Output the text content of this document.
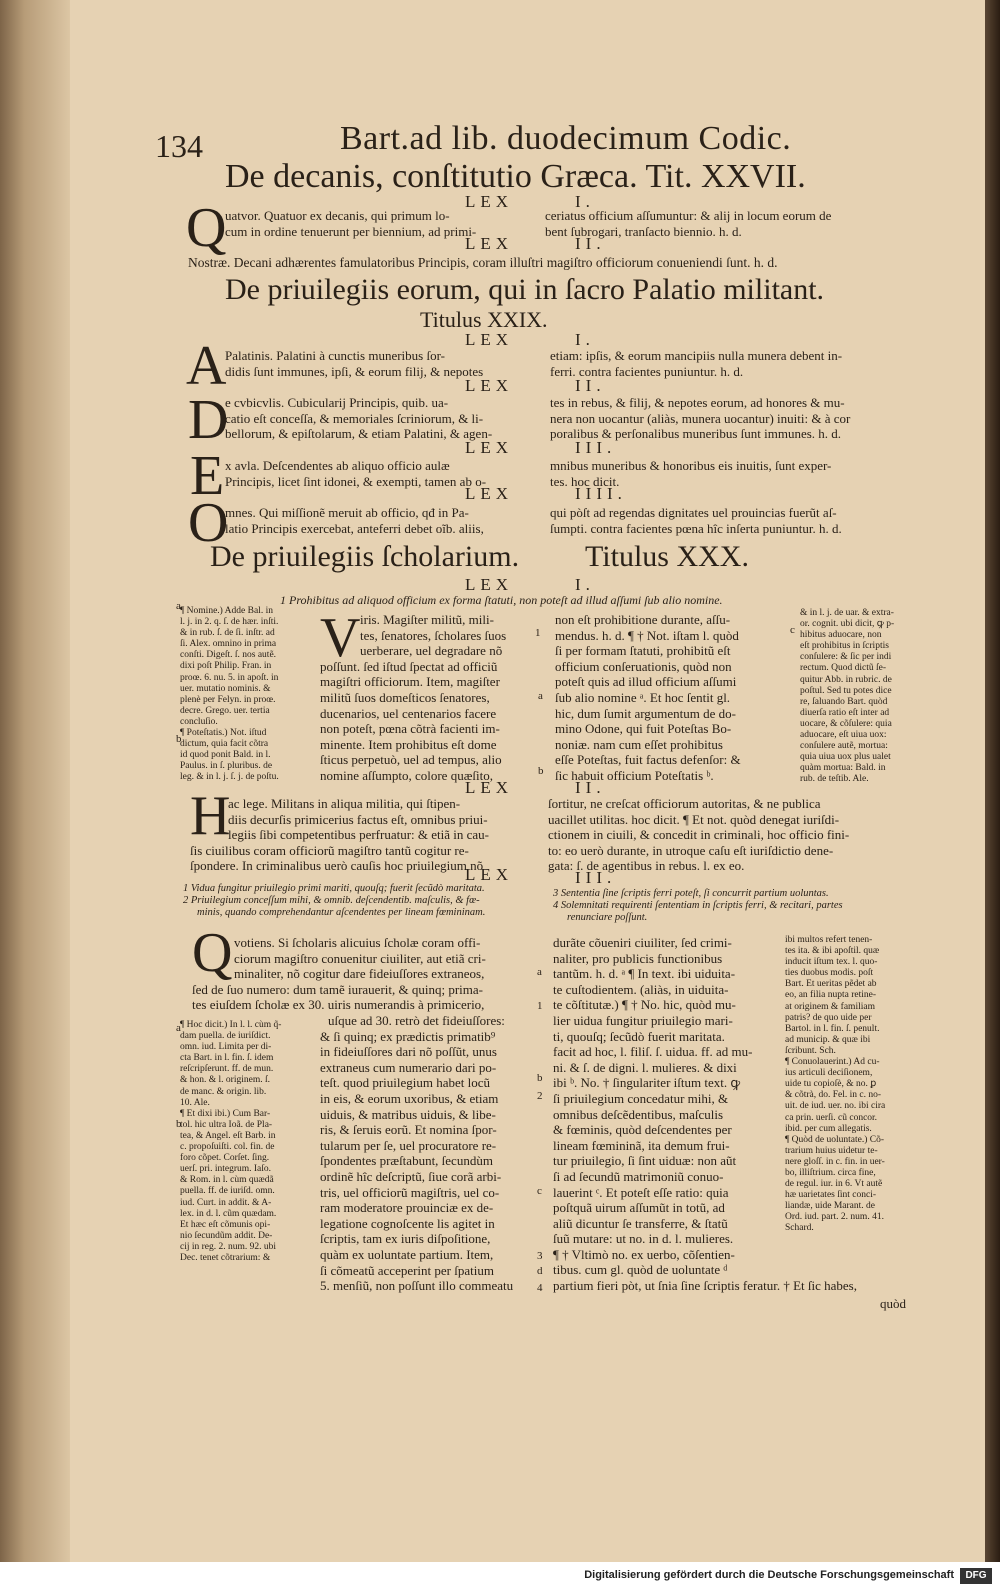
134	Bart.ad lib. duodecimum Codic.
De decanis, conſtitutio Græca. Tit. XXVII.
LEX	I.
Q
uatvor. Quatuor ex decanis, qui primum lo-
cum in ordine tenuerunt per biennium, ad primi-
ceriatus officium aſſumuntur: & alij in locum eorum de
bent ſubrogari, tranſacto biennio. h. d.
LEX	II.
Nostræ. Decani adhærentes famulatoribus Principis, coram illuſtri magiſtro officiorum conueniendi ſunt. h. d.
De priuilegiis eorum, qui in ſacro Palatio militant.
Titulus XXIX.
LEX	I.
A
Palatinis. Palatini à cunctis muneribus ſor-
didis ſunt immunes, ipſi, & eorum filij, & nepotes
etiam: ipſis, & eorum mancipiis nulla munera debent in-
ferri. contra facientes puniuntur. h. d.
LEX	II.
D
e cvbicvlis. Cubicularij Principis, quib. ua-
catio eſt conceſſa, & memoriales ſcriniorum, & li-
bellorum, & epiſtolarum, & etiam Palatini, & agen-
tes in rebus, & filij, & nepotes eorum, ad honores & mu-
nera non uocantur (aliàs, munera uocantur) inuiti: & à cor
poralibus & perſonalibus muneribus ſunt immunes. h. d.
LEX	III.
E x avla. Deſcendentes ab aliquo officio aulæ
Principis, licet ſint idonei, & exempti, tamen ab o-
mnibus muneribus & honoribus eis inuitis, ſunt exper-
tes. hoc dicit.
LEX	IIII.
O
mnes. Qui miſſionẽ meruit ab officio, qđ in Pa-
latio Principis exercebat, anteferri debet oĩb. aliis,
qui pòſt ad regendas dignitates uel prouincias fuerũt aſ-
ſumpti. contra facientes pœna hîc inſerta puniuntur. h. d.
De priuilegiis ſcholarium. Titulus XXX.
LEX	I.
1 Prohibitus ad aliquod officium ex forma ſtatuti, non poteſt ad illud aſſumi ſub alio nomine.
¶ Nomine.) Adde Bal. in
l. j. in 2. q. ſ. de hær. inſti.
& in rub. ſ. de ſi. inſtr. ad
ſi. Alex. omnino in prima
conſti. Digeſt. ſ. nos autẽ.
dixi poſt Philip. Fran. in
proœ. 6. nu. 5. in apoſt. in
uer. mutatio nominis. &
plenè per Felyn. in proœ.
decre. Grego. uer. tertia
concluſio.
¶ Poteſtatis.) Not. iſtud
dictum, quia facit cõtra
id quod ponit Bald. in l.
Paulus. in ſ. pluribus. de
leg. & in l. j. ſ. j. de poſtu.
V iris. Magiſter militũ, mili-
tes, ſenatores, ſcholares ſuos
uerberare, uel degradare nõ
poſſunt. ſed iſtud ſpectat ad officiũ
magiſtri officiorum. Item, magiſter
militũ ſuos domeſticos ſenatores,
ducenarios, uel centenarios facere
non poteſt, pœna cõtrà facienti im-
minente. Item prohibitus eſt dome
ſticus perpetuò, uel ad tempus, alio
nomine aſſumpto, colore quæſito,
non eſt prohibitione durante, aſſu-
mendus. h. d. ¶ † Not. iſtam l. quòd
ſi per formam ſtatuti, prohibitũ eſt
officium conſeruationis, quòd non
poteſt quis ad illud officium aſſumi
ſub alio nomine ᵃ. Et hoc ſentit gl.
hic, dum ſumit argumentum de do-
mino Odone, qui fuit Poteſtas Bo-
noniæ. nam cum eſſet prohibitus
eſſe Poteſtas, fuit factus defenſor: &
ſic habuit officium Poteſtatis ᵇ.
& in l. j. de uar. & extra-
or. cognit. ubi dicit, ꝙ p-
hibitus aduocare, non
eſt prohibitus in ſcriptis
conſulere: & ſic per indi
rectum. Quod dictũ ſe-
quitur Abb. in rubric. de
poſtul. Sed tu potes dice
re, ſaluando Bart. quòd
diuerſa ratio eſt inter ad
uocare, & cõſulere: quia
aduocare, eſt uiua uox:
conſulere autẽ, mortua:
quia uiua uox plus ualet
quàm mortua: Bald. in
rub. de teſtib. Ale.
LEX	II.
H
ac lege. Militans in aliqua militia, qui ſtipen-
diis decurſis primicerius factus eſt, omnibus priui-
legiis ſibi competentibus perfruatur: & etiã in cau-
ſis ciuilibus coram officiorũ magiſtro tantũ cogitur re-
ſpondere. In criminalibus uerò cauſis hoc priuilegium nõ
ſortitur, ne creſcat officiorum autoritas, & ne publica
uacillet utilitas. hoc dicit. ¶ Et not. quòd denegat iuriſdi-
ctionem in ciuili, & concedit in criminali, hoc officio fini-
to: eo uerò durante, in utroque caſu eſt iuriſdictio dene-
gata: ſ. de agentibus in rebus. l. ex eo.
LEX	III.
1 Vidua fungitur priuilegio primi mariti, quouſq; fuerit ſecũdò maritata.
2 Priuilegium conceſſum mihi, & omnib. deſcendentib. maſculis, & fœ-
minis, quando comprehendantur aſcendentes per lineam fœmininam.
3 Sententia ſine ſcriptis ferri poteſt, ſi concurrit partium uoluntas.
4 Solemnitati requirenti ſententiam in ſcriptis ferri, & recitari, partes
renunciare poſſunt.
Q votiens. Si ſcholaris alicuius ſcholæ coram offi-
ciorum magiſtro conuenitur ciuiliter, aut etiã cri-
minaliter, nõ cogitur dare fideiuſſores extraneos,
ſed de ſuo numero: dum tamẽ iurauerit, & quinq; prima-
tes eiuſdem ſcholæ ex 30. uiris numerandis à primicerio,
¶ Hoc dicit.) In l. l. cùm q̃-
dam puella. de iuriſdict.
omn. iud. Limita per di-
cta Bart. in l. fin. ſ. idem
reſcripſerunt. ff. de mun.
& hon. & l. originem. ſ.
de manc. & origin. lib.
10. Ale.
¶ Et dixi ibi.) Cum Bar-
tol. hic ultra Ioã. de Pla-
tea, & Angel. eſt Barb. in
c. propoſuiſti. col. fin. de
foro cõpet. Corſet. ſing.
uerſ. pri. integrum. Iaſo.
& Rom. in l. cùm quædã
puella. ff. de iuriſd. omn.
iud. Curt. in addit. & A-
lex. in d. l. cũm quædam.
Et hæc eſt cõmunis opi-
nio ſecundũm addit. De-
cij in reg. 2. num. 92. ubi
Dec. tenet cõtrarium: &
uſque ad 30. retrò det fideiuſſores:
& ſi quinq; ex prædictis primatib⁹
in fideiuſſores dari nõ poſſũt, unus
extraneus cum numerario dari po-
teſt. quod priuilegium habet locũ
in eis, & eorum uxoribus, & etiam
uiduis, & matribus uiduis, & libe-
ris, & ſeruis eorũ. Et nomina ſpor-
tularum per ſe, uel procuratore re-
ſpondentes præſtabunt, ſecundùm
ordinẽ hîc deſcriptũ, ſiue corã arbi-
tris, uel officiorũ magiſtris, uel co-
ram moderatore prouinciæ ex de-
legatione cognoſcente lis agitet in
ſcriptis, tam ex iuris diſpoſitione,
quàm ex uoluntate partium. Item,
ſi cõmeatũ acceperint per ſpatium
5. menſiũ, non poſſunt illo commeatu
durãte cõueniri ciuiliter, ſed crimi-
naliter, pro publicis functionibus
tantũm. h. d. ᵃ ¶ In text. ibi uiduita-
te cuſtodientem. (aliàs, in uiduita-
te cõſtitutæ.) ¶ † No. hic, quòd mu-
lier uidua fungitur priuilegio mari-
ti, quouſq; ſecũdò fuerit maritata.
facit ad hoc, l. filiſ. ſ. uidua. ff. ad mu-
ni. & ſ. de digni. l. mulieres. & dixi
ibi ᵇ. No. † ſingulariter iſtum text. ꝙ
ſi priuilegium concedatur mihi, &
omnibus deſcẽdentibus, maſculis
& fœminis, quòd deſcendentes per
lineam fœmininã, ita demum frui-
tur priuilegio, ſi ſint uiduæ: non aũt
ſi ad ſecundũ matrimoniũ conuo-
lauerint ᶜ. Et poteſt eſſe ratio: quia
poſtquã uirum aſſumũt in totũ, ad
aliũ dicuntur ſe transferre, & ſtatũ
ſuũ mutare: ut no. in d. l. mulieres.
¶ † Vltimò no. ex uerbo, cõſentien-
tibus. cum gl. quòd de uoluntate ᵈ
partium fieri pòt, ut ſnia ſine ſcriptis feratur. † Et ſic habes,
quòd
ibi multos refert tenen-
tes ita. & ibi apoſtil. quæ
inducit iſtum tex. l. quo-
ties duobus modis. poſt
Bart. Et ueritas pẽdet ab
eo, an filia nupta retine-
at originem & familiam
patris? de quo uide per
Bartol. in l. fin. ſ. penult.
ad municip. & quæ ibi
ſcribunt. Sch.
¶ Conuolauerint.) Ad cu-
ius articuli deciſionem,
uide tu copioſè, & no. ꝑ
& cõtrà, do. Fel. in c. no-
uit. de iud. uer. no. ibi cira
ca prin. uerſi. cũ concor.
ibid. per cum allegatis.
¶ Quòd de uoluntate.) Cõ-
trarium huius uidetur te-
nere gloſſ. in c. fin. in uer-
bo, illiſtrium. circa fine,
de regul. iur. in 6. Vt autẽ
hæ uarietates ſint conci-
liandæ, uide Marant. de
Ord. iud. part. 2. num. 41.
Schard.
a
b
1
a
b
c
a
b
a
1
b
2
c
3
d
4
Digitalisierung gefördert durch die Deutsche Forschungsgemeinschaft	DFG
